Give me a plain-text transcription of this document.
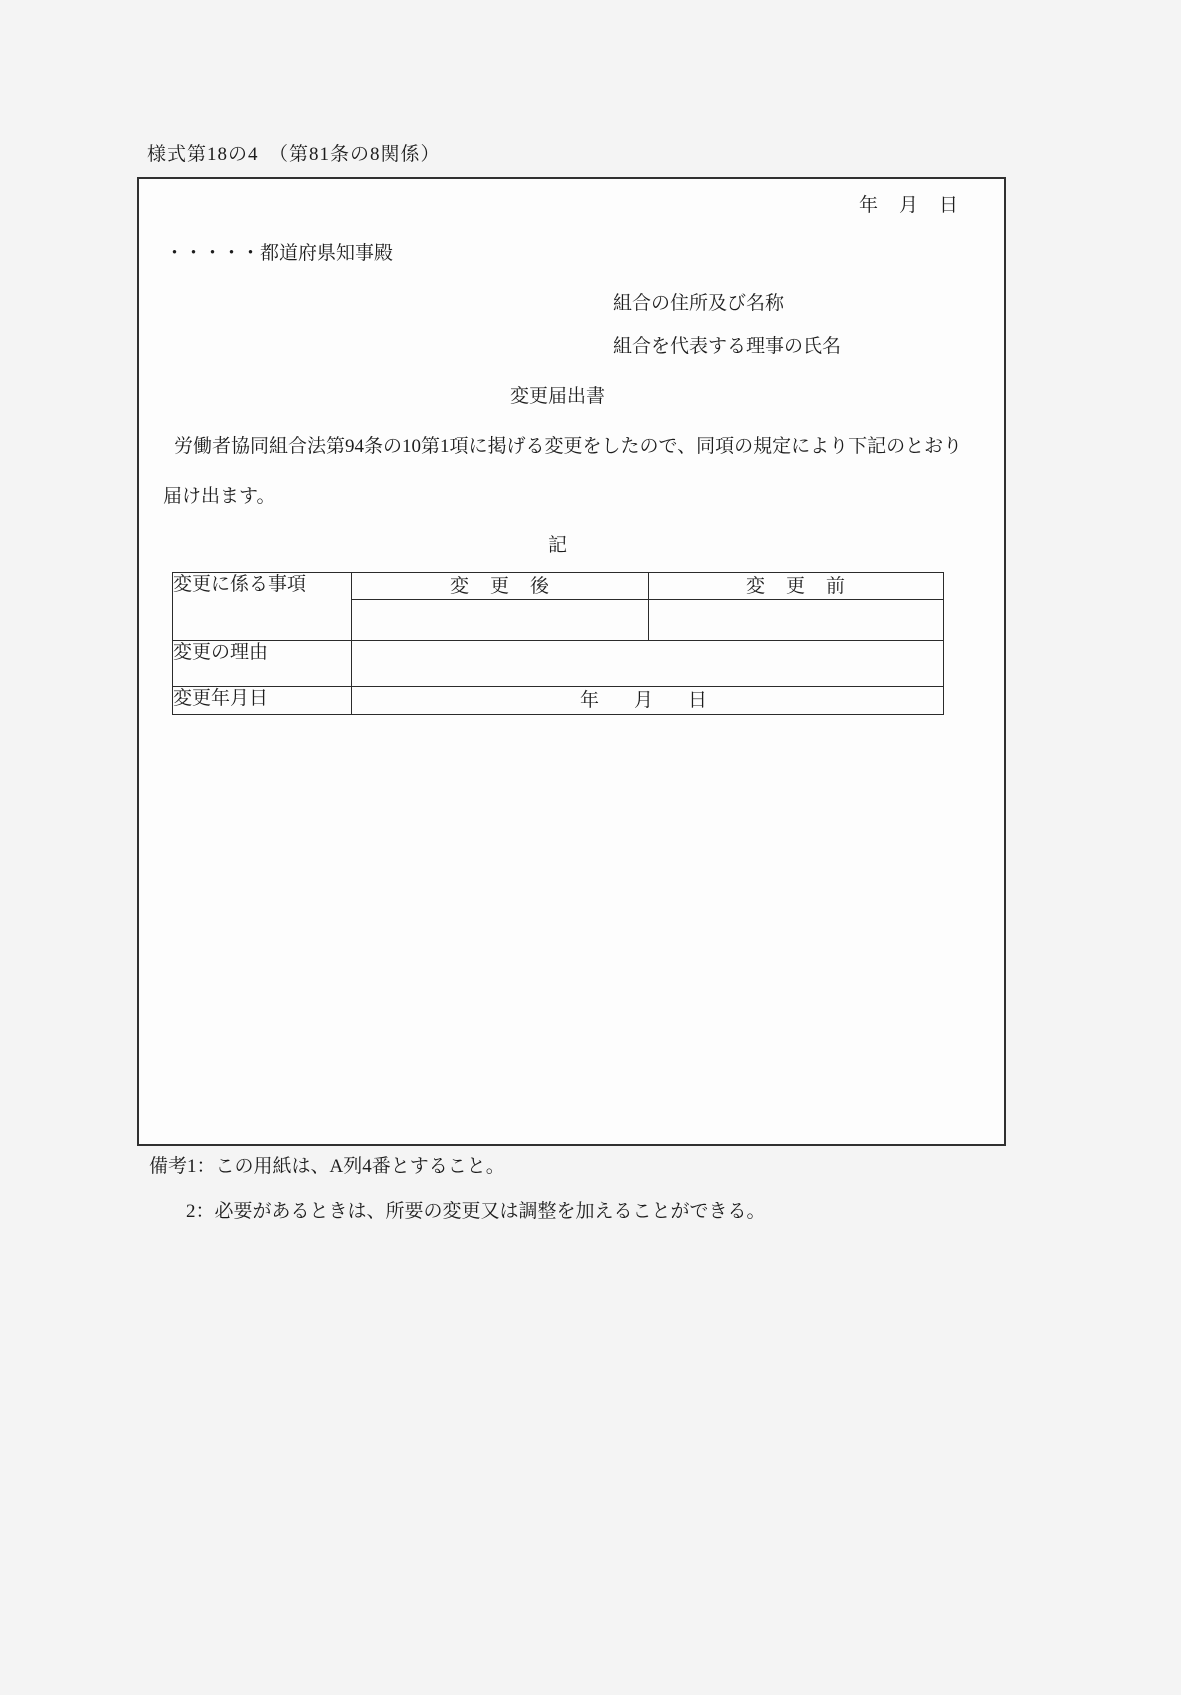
様式第18の4　（第81条の8関係）
年　月　日
・・・・・都道府県知事殿
組合の住所及び名称
組合を代表する理事の氏名
変更届出書
労働者協同組合法第94条の10第1項に掲げる変更をしたので、同項の規定により下記のとおり
届け出ます。
記
変更に係る事項	変　更　後	変　更　前

変更の理由		
変更年月日	年　月　日	
備考1：この用紙は、A列4番とすること。
2：必要があるときは、所要の変更又は調整を加えることができる。
